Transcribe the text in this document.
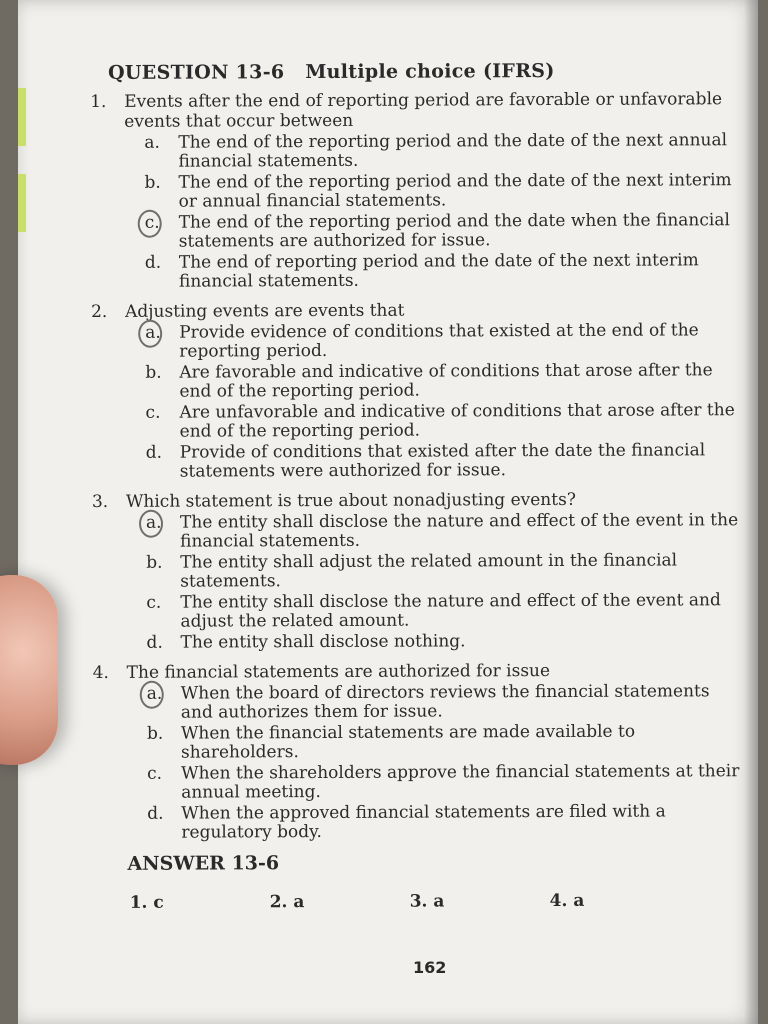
QUESTION 13-6 Multiple choice (IFRS)
1.	Events after the end of reporting period are favorable or unfavorable events that occur between
a.	The end of the reporting period and the date of the next annual financial statements.
b.	The end of the reporting period and the date of the next interim or annual financial statements.
c.	The end of the reporting period and the date when the financial statements are authorized for issue.
d.	The end of reporting period and the date of the next interim financial statements.
2.	Adjusting events are events that
a.	Provide evidence of conditions that existed at the end of the reporting period.
b.	Are favorable and indicative of conditions that arose after the end of the reporting period.
c.	Are unfavorable and indicative of conditions that arose after the end of the reporting period.
d.	Provide of conditions that existed after the date the financial statements were authorized for issue.
3.	Which statement is true about nonadjusting events?
a.	The entity shall disclose the nature and effect of the event in the financial statements.
b.	The entity shall adjust the related amount in the financial statements.
c.	The entity shall disclose the nature and effect of the event and adjust the related amount.
d.	The entity shall disclose nothing.
4.	The financial statements are authorized for issue
a.	When the board of directors reviews the financial statements and authorizes them for issue.
b.	When the financial statements are made available to shareholders.
c.	When the shareholders approve the financial statements at their annual meeting.
d.	When the approved financial statements are filed with a regulatory body.
ANSWER 13-6
1. c	2. a	3. a	4. a
162
